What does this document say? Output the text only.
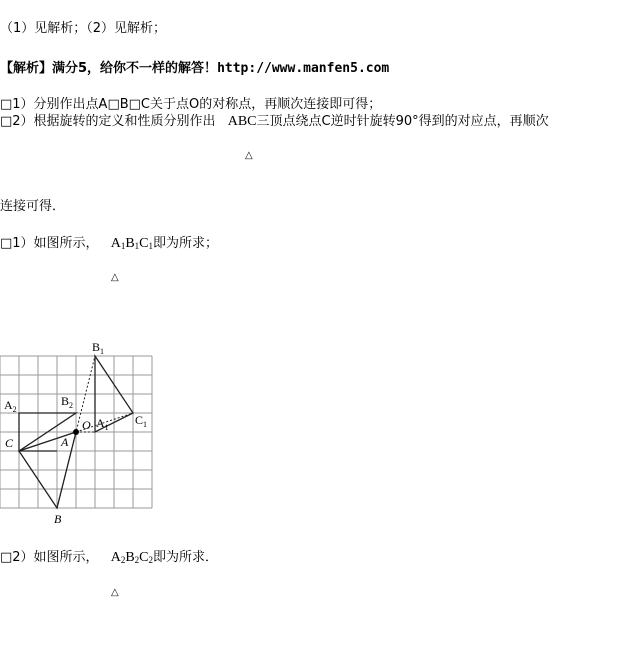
（1）见解析；（2）见解析；
【解析】满分5，给你不一样的解答！http://www.manfen5.com
□1）分别作出点A□B□C关于点O的对称点，再顺次连接即可得；
□2）根据旋转的定义和性质分别作出 ABC三顶点绕点C逆时针旋转90°得到的对应点，再顺次
△
连接可得．
□1）如图所示， $A_1B_1C_1$即为所求；
△
$B_1$
$A_2$
$B_2$
$C_1$
$A_1$
C
O
A
B
□2）如图所示， $A_2B_2C_2$即为所求．
△
